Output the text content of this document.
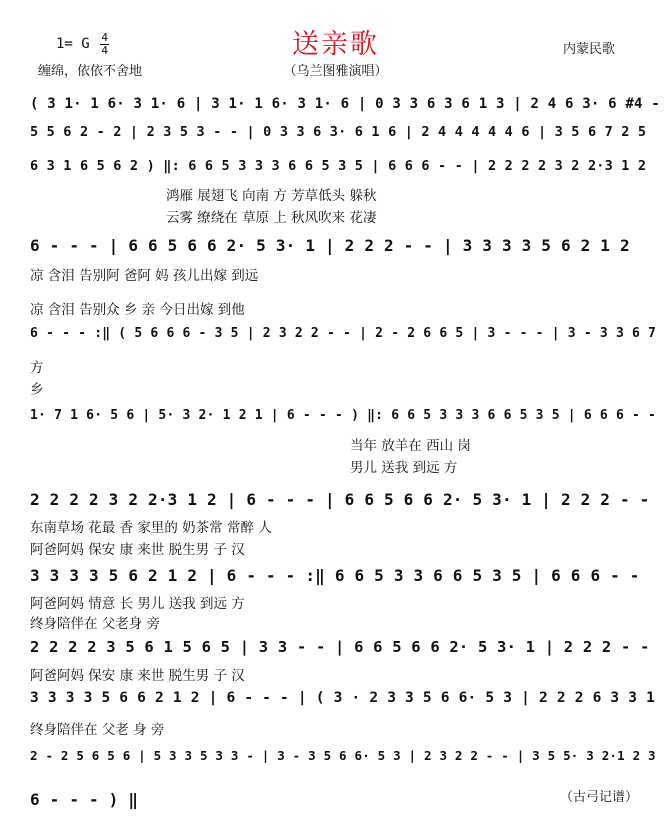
送亲歌
1= G $\frac{4}{4}$
缠绵，依依不舍地	（乌兰图雅演唱）
内蒙民歌
( 3 1· 1 6· 3 1· 6 | 3 1· 1 6· 3 1· 6 | 0 3 3 6 3 6 1 3 | 2 4 6 3· 6 #4 -
5 5 6 2 - 2 | 2 3 5 3 - - | 0 3 3 6 3· 6 1 6 | 2 4 4 4 4 4 6 | 3 5 6 7 2 5
6 3 1 6 5 6 2 ) ‖: 6 6 5 3 3 3 6 6 5 3 5 | 6 6 6 - - | 2 2 2 2 3 2 2·3 1 2
6 - - - | 6 6 5 6 6 2· 5 3· 1 | 2 2 2 - - | 3 3 3 3 5 6 2 1 2
6 - - - :‖ ( 5 6 6 6 - 3 5 | 2 3 2 2 - - | 2 - 2 6 6 5 | 3 - - - | 3 - 3 3 6 7
1· 7 1 6· 5 6 | 5· 3 2· 1 2 1 | 6 - - - ) ‖: 6 6 5 3 3 3 6 6 5 3 5 | 6 6 6 - -
2 2 2 2 3 2 2·3 1 2 | 6 - - - | 6 6 5 6 6 2· 5 3· 1 | 2 2 2 - -
3 3 3 3 5 6 2 1 2 | 6 - - - :‖ 6 6 5 3 3 6 6 5 3 5 | 6 6 6 - -
2 2 2 2 3 5 6 1 5 6 5 | 3 3 - - | 6 6 5 6 6 2· 5 3· 1 | 2 2 2 - -
3 3 3 3 5 6 6 2 1 2 | 6 - - - | ( 3 · 2 3 3 5 6 6· 5 3 | 2 2 2 6 3 3 1
2 - 2 5 6 5 6 | 5 3 3 5 3 3 - | 3 - 3 5 6 6· 5 3 | 2 3 2 2 - - | 3 5 5· 3 2·1 2 3
6 - - - ) ‖
鸿雁 展翅飞 向南 方 芳草低头 躲秋
云雾 缭绕在 草原 上 秋风吹来 花凄
凉 含泪 告别阿 爸阿 妈 孩儿出嫁 到远
凉 含泪 告别众 乡 亲 今日出嫁 到他
方
乡
当年 放羊在 西山 岗
男儿 送我 到远 方
东南草场 花最 香 家里的 奶茶常 常醉 人
阿爸阿妈 保安 康 来世 脱生男 子 汉
阿爸阿妈 情意 长 男儿 送我 到远 方
终身陪伴在 父老身 旁
阿爸阿妈 保安 康 来世 脱生男 子 汉
终身陪伴在 父老 身 旁
（古弓记谱）
